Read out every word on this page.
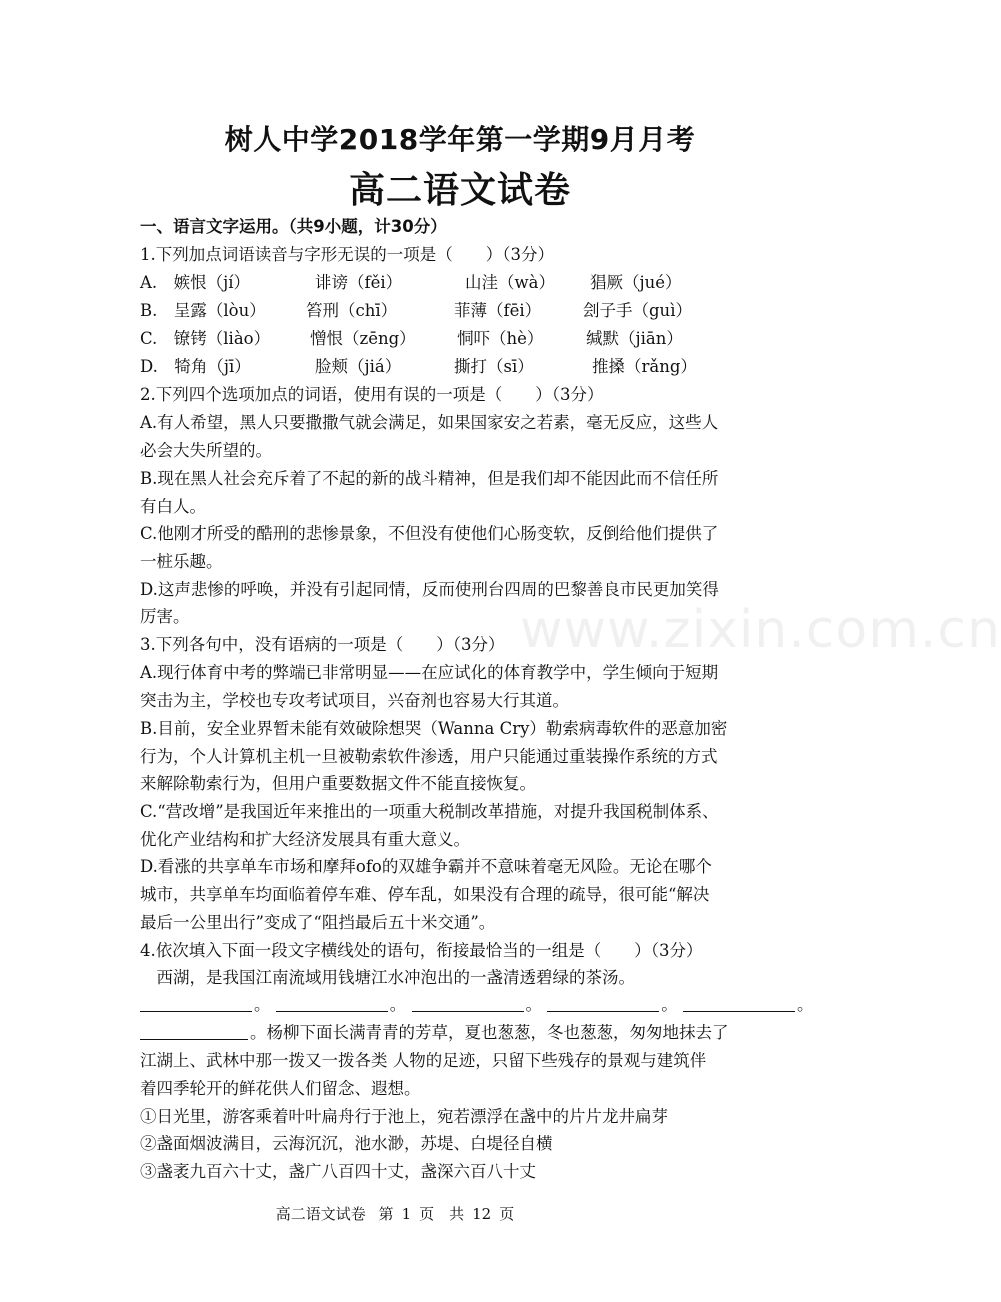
www.zixin.com.cn
树人中学2018学年第一学期9月月考
高二语文试卷
一、语言文字运用。（共9小题，计30分）
1.下列加点词语读音与字形无误的一项是（　　）（3分）
A.　嫉恨（jí）	诽谤（fěi）	山洼（wà） 猖厥（jué）
B.　呈露（lòu） 笞刑（chī）	菲薄（fēi）	刽子手（guì）
C.　镣铐（liào） 憎恨（zēng）	恫吓（hè）	缄默（jiān）
D.　犄角（jī）	脸颊（jiá）	撕打（sī）	推搡（rǎng）
2.下列四个选项加点的词语，使用有误的一项是（　　）（3分）
A.有人希望，黑人只要撒撒气就会满足，如果国家安之若素，毫无反应，这些人
必会大失所望的。
B.现在黑人社会充斥着了不起的新的战斗精神，但是我们却不能因此而不信任所
有白人。
C.他刚才所受的酷刑的悲惨景象，不但没有使他们心肠变软，反倒给他们提供了
一桩乐趣。
D.这声悲惨的呼唤，并没有引起同情，反而使刑台四周的巴黎善良市民更加笑得
厉害。
3.下列各句中，没有语病的一项是（　　）（3分）
A.现行体育中考的弊端已非常明显——在应试化的体育教学中，学生倾向于短期
突击为主，学校也专攻考试项目，兴奋剂也容易大行其道。
B.目前，安全业界暂未能有效破除想哭（Wanna Cry）勒索病毒软件的恶意加密
行为，个人计算机主机一旦被勒索软件渗透，用户只能通过重装操作系统的方式
来解除勒索行为，但用户重要数据文件不能直接恢复。
C.“营改增”是我国近年来推出的一项重大税制改革措施，对提升我国税制体系、
优化产业结构和扩大经济发展具有重大意义。
D.看涨的共享单车市场和摩拜ofo的双雄争霸并不意味着毫无风险。无论在哪个
城市，共享单车均面临着停车难、停车乱，如果没有合理的疏导，很可能“解决
最后一公里出行”变成了“阻挡最后五十米交通”。
4.依次填入下面一段文字横线处的语句，衔接最恰当的一组是（　　）（3分）
　西湖，是我国江南流域用钱塘江水冲泡出的一盏清透碧绿的茶汤。
。	。	。	。	。
。杨柳下面长满青青的芳草，夏也葱葱，冬也葱葱，匆匆地抹去了
江湖上、武林中那一拨又一拨各类 人物的足迹，只留下些残存的景观与建筑伴
着四季轮开的鲜花供人们留念、遐想。
①日光里，游客乘着叶叶扁舟行于池上，宛若漂浮在盏中的片片龙井扁芽
②盏面烟波满目，云海沉沉，池水渺，苏堤、白堤径自横
③盏袤九百六十丈，盏广八百四十丈，盏深六百八十丈
高二语文试卷 第 1 页　共 12 页
